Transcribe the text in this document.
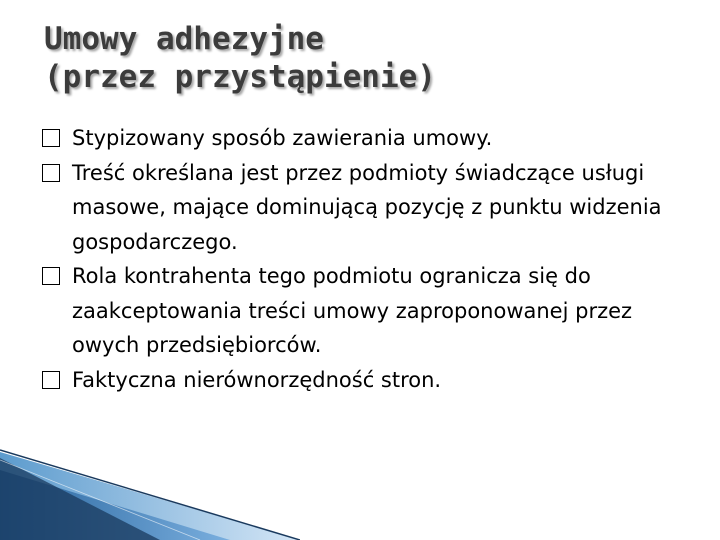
Umowy adhezyjne
(przez przystąpienie)
Stypizowany sposób zawierania umowy.
Treść określana jest przez podmioty świadczące usługi masowe, mające dominującą pozycję z punktu widzenia gospodarczego.
Rola kontrahenta tego podmiotu ogranicza się do zaakceptowania treści umowy zaproponowanej przez owych przedsiębiorców.
Faktyczna nierównorzędność stron.
